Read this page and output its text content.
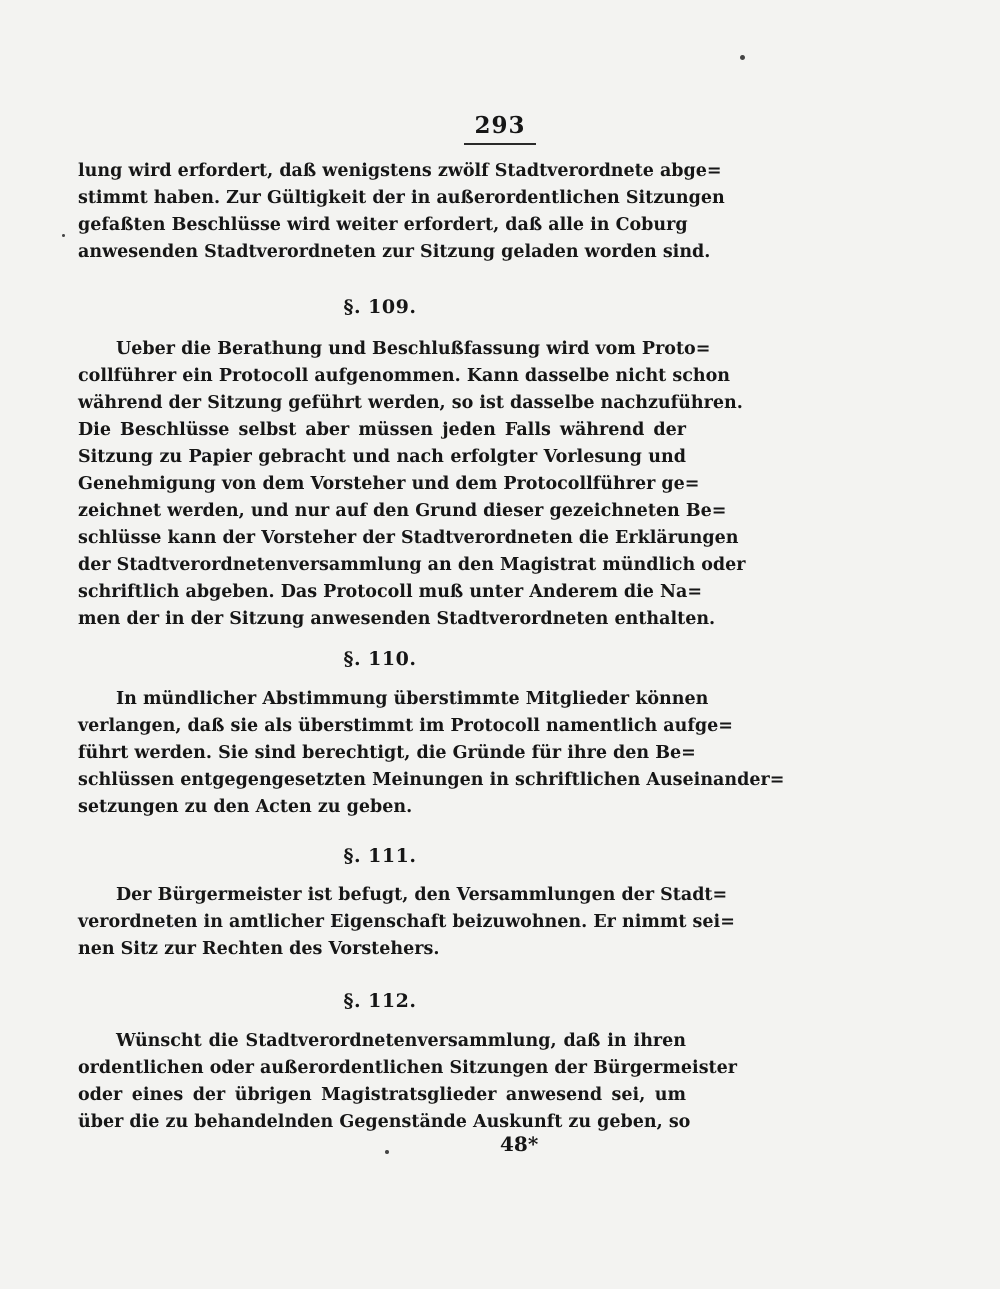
293
lung wird erfordert, daß wenigstens zwölf Stadtverordnete abge=
stimmt haben. Zur Gültigkeit der in außerordentlichen Sitzungen
gefaßten Beschlüsse wird weiter erfordert, daß alle in Coburg
anwesenden Stadtverordneten zur Sitzung geladen worden sind.
§. 109.
Ueber die Berathung und Beschlußfassung wird vom Proto=
collführer ein Protocoll aufgenommen. Kann dasselbe nicht schon
während der Sitzung geführt werden, so ist dasselbe nachzuführen.
Die Beschlüsse selbst aber müssen jeden Falls während der
Sitzung zu Papier gebracht und nach erfolgter Vorlesung und
Genehmigung von dem Vorsteher und dem Protocollführer ge=
zeichnet werden, und nur auf den Grund dieser gezeichneten Be=
schlüsse kann der Vorsteher der Stadtverordneten die Erklärungen
der Stadtverordnetenversammlung an den Magistrat mündlich oder
schriftlich abgeben. Das Protocoll muß unter Anderem die Na=
men der in der Sitzung anwesenden Stadtverordneten enthalten.
§. 110.
In mündlicher Abstimmung überstimmte Mitglieder können
verlangen, daß sie als überstimmt im Protocoll namentlich aufge=
führt werden. Sie sind berechtigt, die Gründe für ihre den Be=
schlüssen entgegengesetzten Meinungen in schriftlichen Auseinander=
setzungen zu den Acten zu geben.
§. 111.
Der Bürgermeister ist befugt, den Versammlungen der Stadt=
verordneten in amtlicher Eigenschaft beizuwohnen. Er nimmt sei=
nen Sitz zur Rechten des Vorstehers.
§. 112.
Wünscht die Stadtverordnetenversammlung, daß in ihren
ordentlichen oder außerordentlichen Sitzungen der Bürgermeister
oder eines der übrigen Magistratsglieder anwesend sei, um
über die zu behandelnden Gegenstände Auskunft zu geben, so
48*
